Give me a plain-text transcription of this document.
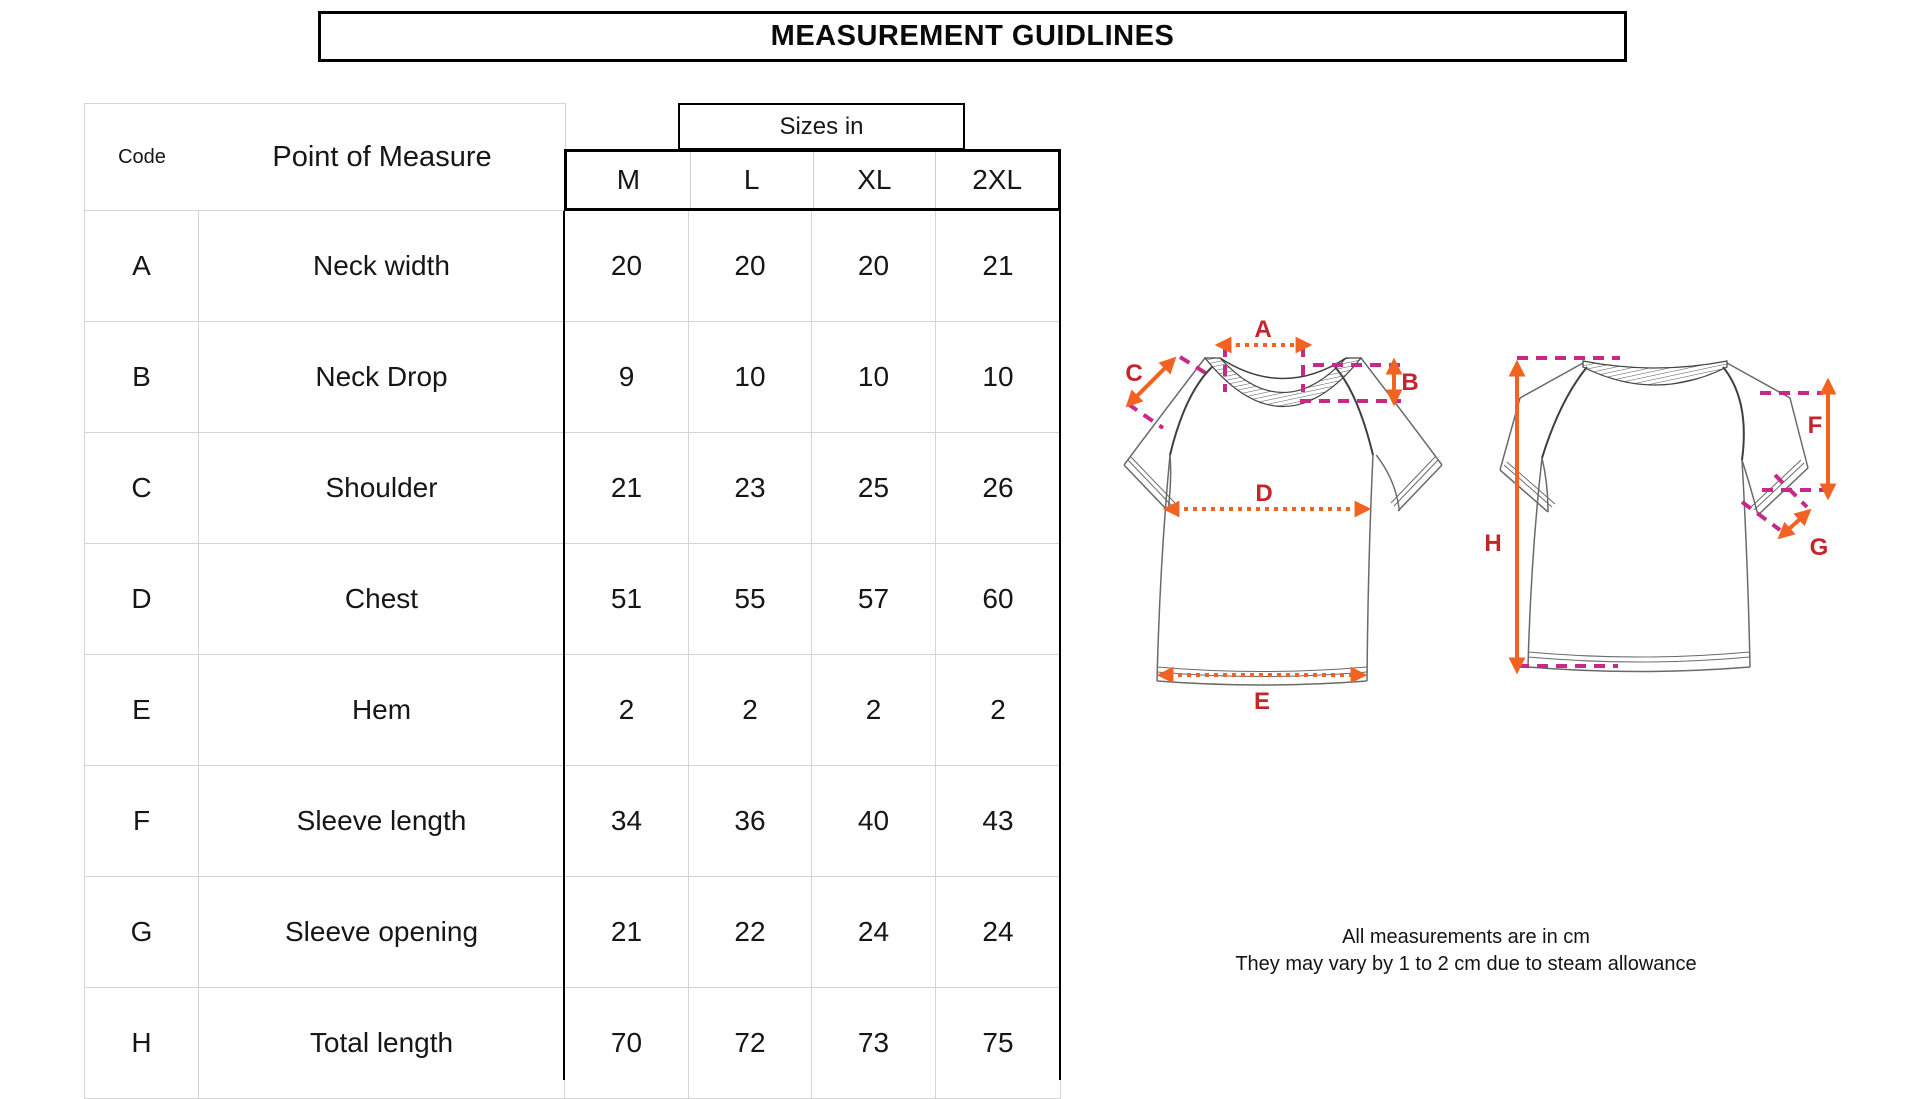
MEASUREMENT GUIDLINES
Code	Point of Measure
Sizes in
M	L	XL	2XL
A	Neck width	20	20	20	21
B	Neck Drop	9	10	10	10
C	Shoulder	21	23	25	26
D	Chest	51	55	57	60
E	Hem	2	2	2	2
F	Sleeve length	34	36	40	43
G	Sleeve opening	21	22	24	24
H	Total length	70	72	73	75
A
B
C
D
E
F
G
H
All measurements are in cm
They may vary by 1 to 2 cm due to steam allowance
